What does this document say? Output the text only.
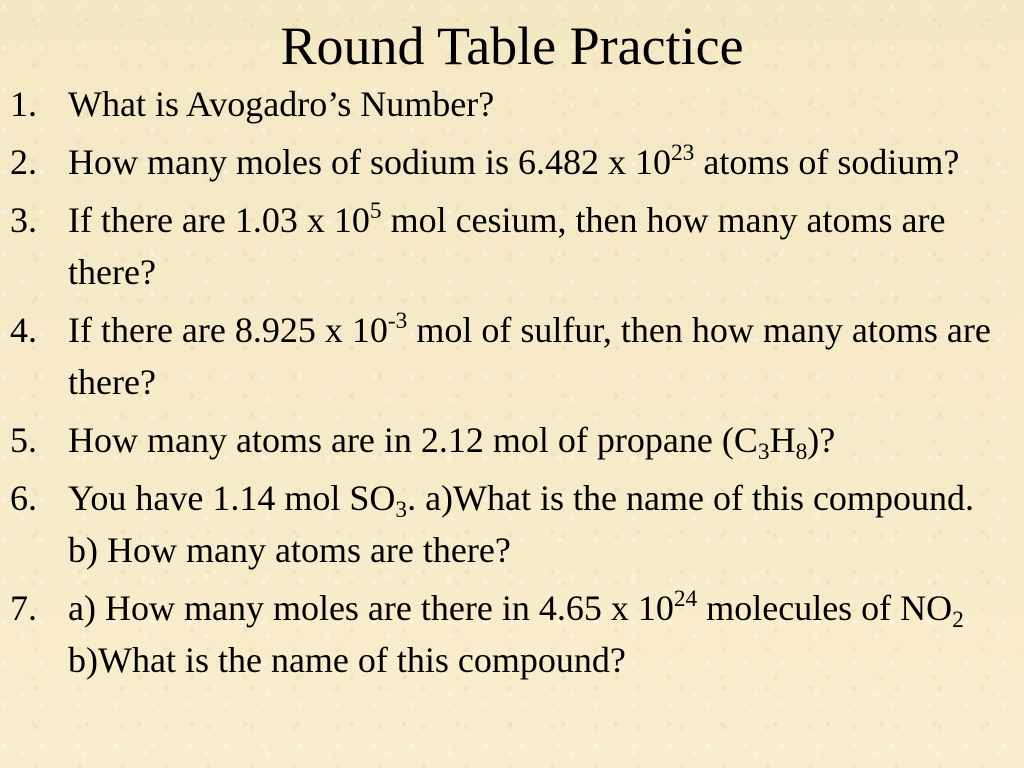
Round Table Practice
1. What is Avogadro’s Number?
2. How many moles of sodium is 6.482 x $10^{23}$ atoms of sodium?
3. If there are 1.03 x $10^5$ mol cesium, then how many atoms are there?
4. If there are 8.925 x $10^{-3}$ mol of sulfur, then how many atoms are there?
5. How many atoms are in 2.12 mol of propane $(C_3H_8)$?
6. You have 1.14 mol $SO_3$. a)What is the name of this compound. b) How many atoms are there?
7. a) How many moles are there in 4.65 x $10^{24}$ molecules of $NO_2$ b)What is the name of this compound?
